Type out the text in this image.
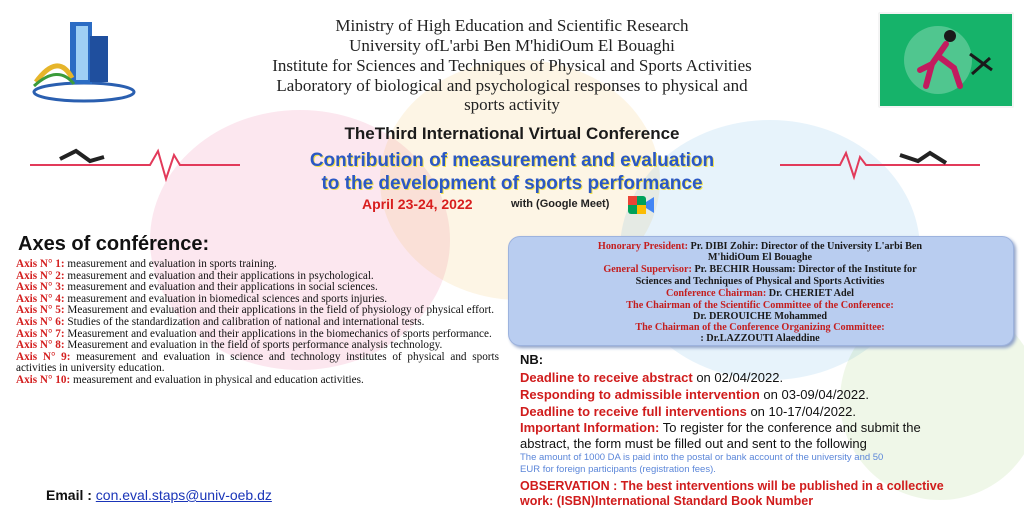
Ministry of High Education and Scientific Research
University ofL'arbi Ben M'hidiOum El Bouaghi
Institute for Sciences and Techniques of Physical and Sports Activities
Laboratory of biological and psychological responses to physical and
sports activity
TheThird International Virtual Conference
Contribution of measurement and evaluation
to the development of sports performance
April 23-24, 2022	with (Google Meet)
Axes of conférence:

Axis N° 1: measurement and evaluation in sports training.

Axis N° 2: measurement and evaluation and their applications in psychological.

Axis N° 3: measurement and evaluation and their applications in social sciences.

Axis N° 4: measurement and evaluation in biomedical sciences and sports injuries.

Axis N° 5: Measurement and evaluation and their applications in the field of physiology of physical effort.

Axis N° 6: Studies of the standardization and calibration of national and international tests.

Axis N° 7: Measurement and evaluation and their applications in the biomechanics of sports performance.

Axis N° 8: Measurement and evaluation in the field of sports performance analysis technology.

Axis N° 9: measurement and evaluation in science and technology institutes of physical and sports activities in university education.

Axis N° 10: measurement and evaluation in physical and education activities.

Email : con.eval.staps@univ-oeb.dz
Honorary President: Pr. DIBI Zohir: Director of the University L'arbi Ben
M'hidiOum El Bouaghe
General Supervisor: Pr. BECHIR Houssam: Director of the Institute for
Sciences and Techniques of Physical and Sports Activities
Conference Chairman: Dr. CHERIET Adel
The Chairman of the Scientific Committee of the Conference:
Dr. DEROUICHE Mohammed
The Chairman of the Conference Organizing Committee:
: Dr.LAZZOUTI Alaeddine
NB:
Deadline to receive abstract on 02/04/2022.
Responding to admissible intervention on 03-09/04/2022.
Deadline to receive full interventions on 10-17/04/2022.
Important Information: To register for the conference and submit the
abstract, the form must be filled out and sent to the following
The amount of 1000 DA is paid into the postal or bank account of the university and 50
EUR for foreign participants (registration fees).
OBSERVATION : The best interventions will be published in a collective
work: (ISBN)International Standard Book Number
